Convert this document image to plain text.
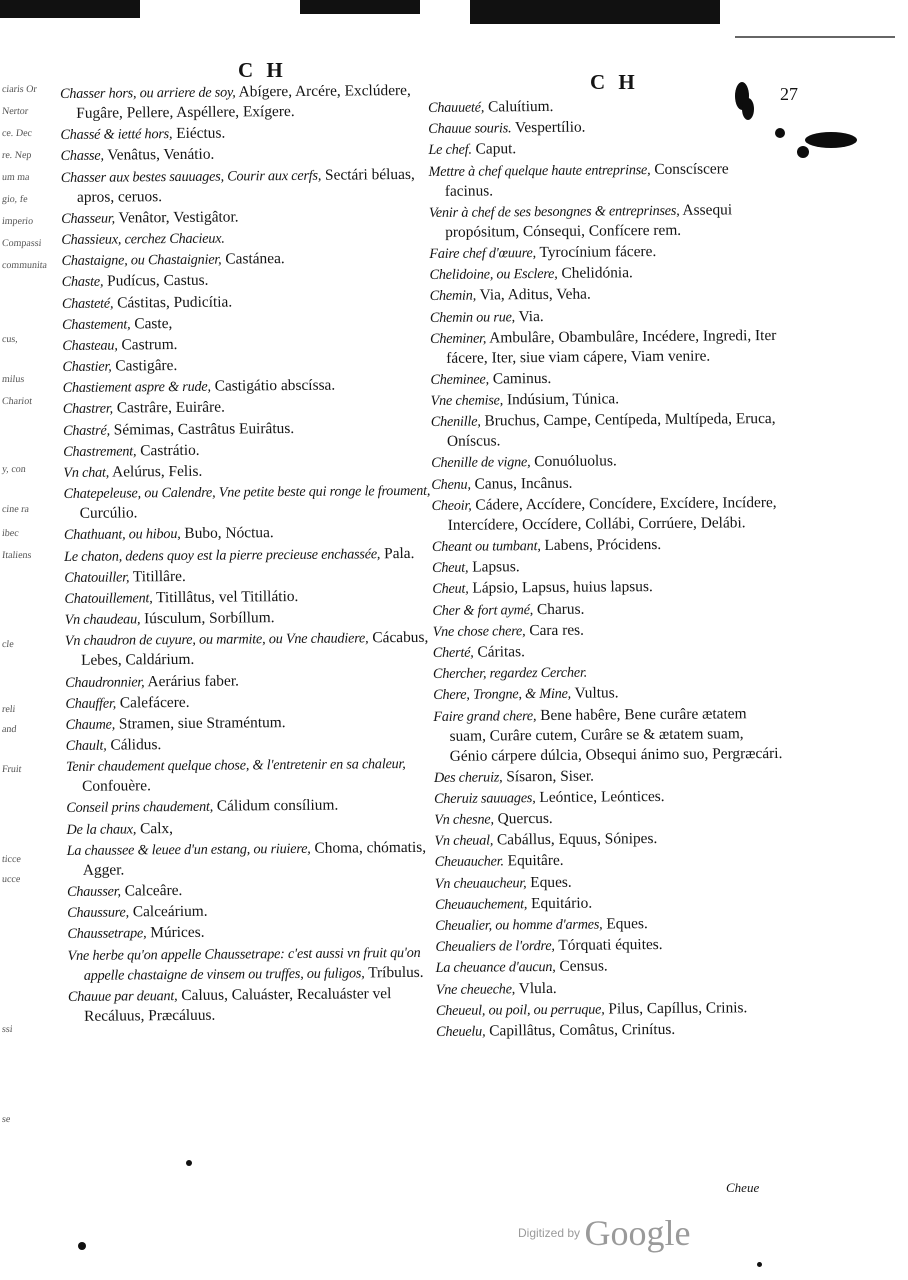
C H	C H	27
ciaris Or
Nertor
ce. Dec
re. Nep
um ma
gio, fe
imperio
Compassi
communita
cus,
milus
Chariot
y, con
cine ra
ibec
Italiens
cle
reli
and
Fruit
ticce
ucce
ssi
se
Chasser hors, ou arriere de soy, Abígere, Arcére, Exclúdere, Fugâre, Pellere, Aspéllere, Exígere.
Chassé & ietté hors, Eiéctus.
Chasse, Venâtus, Venátio.
Chasser aux bestes sauuages, Courir aux cerfs, Sectári béluas, apros, ceruos.
Chasseur, Venâtor, Vestigâtor.
Chassieux, cerchez Chacieux.
Chastaigne, ou Chastaignier, Castánea.
Chaste, Pudícus, Castus.
Chasteté, Cástitas, Pudicítia.
Chastement, Caste,
Chasteau, Castrum.
Chastier, Castigâre.
Chastiement aspre & rude, Castigátio abscíssa.
Chastrer, Castrâre, Euirâre.
Chastré, Sémimas, Castrâtus Euirâtus.
Chastrement, Castrátio.
Vn chat, Aelúrus, Felis.
Chatepeleuse, ou Calendre, Vne petite beste qui ronge le froument, Curcúlio.
Chathuant, ou hibou, Bubo, Nóctua.
Le chaton, dedens quoy est la pierre precieuse enchassée, Pala.
Chatouiller, Titillâre.
Chatouillement, Titillâtus, vel Titillátio.
Vn chaudeau, Iúsculum, Sorbíllum.
Vn chaudron de cuyure, ou marmite, ou Vne chaudiere, Cácabus, Lebes, Caldárium.
Chaudronnier, Aerárius faber.
Chauffer, Calefácere.
Chaume, Stramen, siue Straméntum.
Chault, Cálidus.
Tenir chaudement quelque chose, & l'entretenir en sa chaleur, Confouère.
Conseil prins chaudement, Cálidum consílium.
De la chaux, Calx,
La chaussee & leuee d'un estang, ou riuiere, Choma, chómatis, Agger.
Chausser, Calceâre.
Chaussure, Calceárium.
Chaussetrape, Múrices.
Vne herbe qu'on appelle Chaussetrape: c'est aussi vn fruit qu'on appelle chastaigne de vinsem ou truffes, ou fuligos, Tríbulus.
Chauue par deuant, Caluus, Caluáster, Recaluáster vel Recáluus, Præcáluus.
Chauueté, Caluítium.
Chauue souris. Vespertílio.
Le chef. Caput.
Mettre à chef quelque haute entreprinse, Conscíscere facinus.
Venir à chef de ses besongnes & entreprinses, Assequi propósitum, Cónsequi, Confícere rem.
Faire chef d'œuure, Tyrocínium fácere.
Chelidoine, ou Esclere, Chelidónia.
Chemin, Via, Aditus, Veha.
Chemin ou rue, Via.
Cheminer, Ambulâre, Obambulâre, Incédere, Ingredi, Iter fácere, Iter, siue viam cápere, Viam venire.
Cheminee, Caminus.
Vne chemise, Indúsium, Túnica.
Chenille, Bruchus, Campe, Centípeda, Multípeda, Eruca, Oníscus.
Chenille de vigne, Conuóluolus.
Chenu, Canus, Incânus.
Cheoir, Cádere, Accídere, Concídere, Excídere, Incídere, Intercídere, Occídere, Collábi, Corrúere, Delábi.
Cheant ou tumbant, Labens, Prócidens.
Cheut, Lapsus.
Cheut, Lápsio, Lapsus, huius lapsus.
Cher & fort aymé, Charus.
Vne chose chere, Cara res.
Cherté, Cáritas.
Chercher, regardez Cercher.
Chere, Trongne, & Mine, Vultus.
Faire grand chere, Bene habêre, Bene curâre ætatem suam, Curâre cutem, Curâre se & ætatem suam, Génio cárpere dúlcia, Obsequi ánimo suo, Pergræcári.
Des cheruiz, Sísaron, Siser.
Cheruiz sauuages, Leóntice, Leóntices.
Vn chesne, Quercus.
Vn cheual, Cabállus, Equus, Sónipes.
Cheuaucher. Equitâre.
Vn cheuaucheur, Eques.
Cheuauchement, Equitário.
Cheualier, ou homme d'armes, Eques.
Cheualiers de l'ordre, Tórquati équites.
La cheuance d'aucun, Census.
Vne cheueche, Vlula.
Cheueul, ou poil, ou perruque, Pilus, Capíllus, Crinis.
Cheuelu, Capillâtus, Comâtus, Crinítus.
Cheue
Digitized by Google
